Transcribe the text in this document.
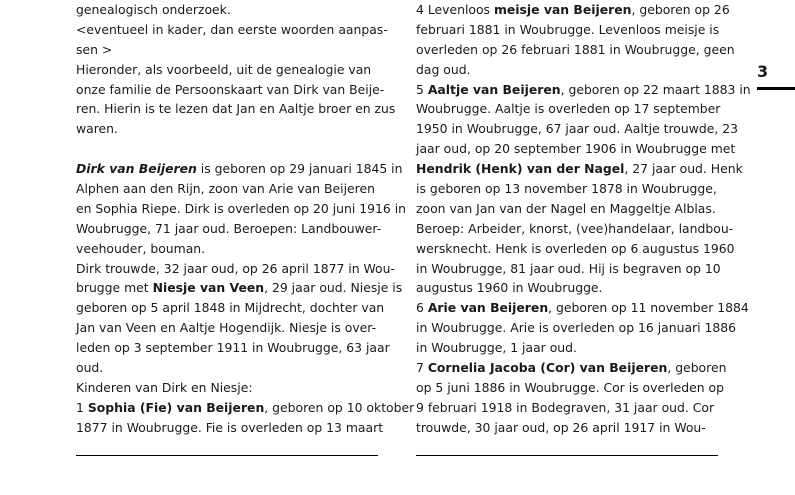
genealogisch onderzoek.
<eventueel in kader, dan eerste woorden aanpas-
sen >
Hieronder, als voorbeeld, uit de genealogie van
onze familie de Persoonskaart van Dirk van Beije-
ren. Hierin is te lezen dat Jan en Aaltje broer en zus
waren.
Dirk van Beijeren is geboren op 29 januari 1845 in
Alphen aan den Rijn, zoon van Arie van Beijeren
en Sophia Riepe. Dirk is overleden op 20 juni 1916 in
Woubrugge, 71 jaar oud. Beroepen: Landbouwer-
veehouder, bouman.
Dirk trouwde, 32 jaar oud, op 26 april 1877 in Wou-
brugge met Niesje van Veen, 29 jaar oud. Niesje is
geboren op 5 april 1848 in Mijdrecht, dochter van
Jan van Veen en Aaltje Hogendijk. Niesje is over-
leden op 3 september 1911 in Woubrugge, 63 jaar
oud.
Kinderen van Dirk en Niesje:
1 Sophia (Fie) van Beijeren, geboren op 10 oktober
1877 in Woubrugge. Fie is overleden op 13 maart
4 Levenloos meisje van Beijeren, geboren op 26
februari 1881 in Woubrugge. Levenloos meisje is
overleden op 26 februari 1881 in Woubrugge, geen
dag oud.
5 Aaltje van Beijeren, geboren op 22 maart 1883 in
Woubrugge. Aaltje is overleden op 17 september
1950 in Woubrugge, 67 jaar oud. Aaltje trouwde, 23
jaar oud, op 20 september 1906 in Woubrugge met
Hendrik (Henk) van der Nagel, 27 jaar oud. Henk
is geboren op 13 november 1878 in Woubrugge,
zoon van Jan van der Nagel en Maggeltje Alblas.
Beroep: Arbeider, knorst, (vee)handelaar, landbou-
wersknecht. Henk is overleden op 6 augustus 1960
in Woubrugge, 81 jaar oud. Hij is begraven op 10
augustus 1960 in Woubrugge.
6 Arie van Beijeren, geboren op 11 november 1884
in Woubrugge. Arie is overleden op 16 januari 1886
in Woubrugge, 1 jaar oud.
7 Cornelia Jacoba (Cor) van Beijeren, geboren
op 5 juni 1886 in Woubrugge. Cor is overleden op
9 februari 1918 in Bodegraven, 31 jaar oud. Cor
trouwde, 30 jaar oud, op 26 april 1917 in Wou-
3
